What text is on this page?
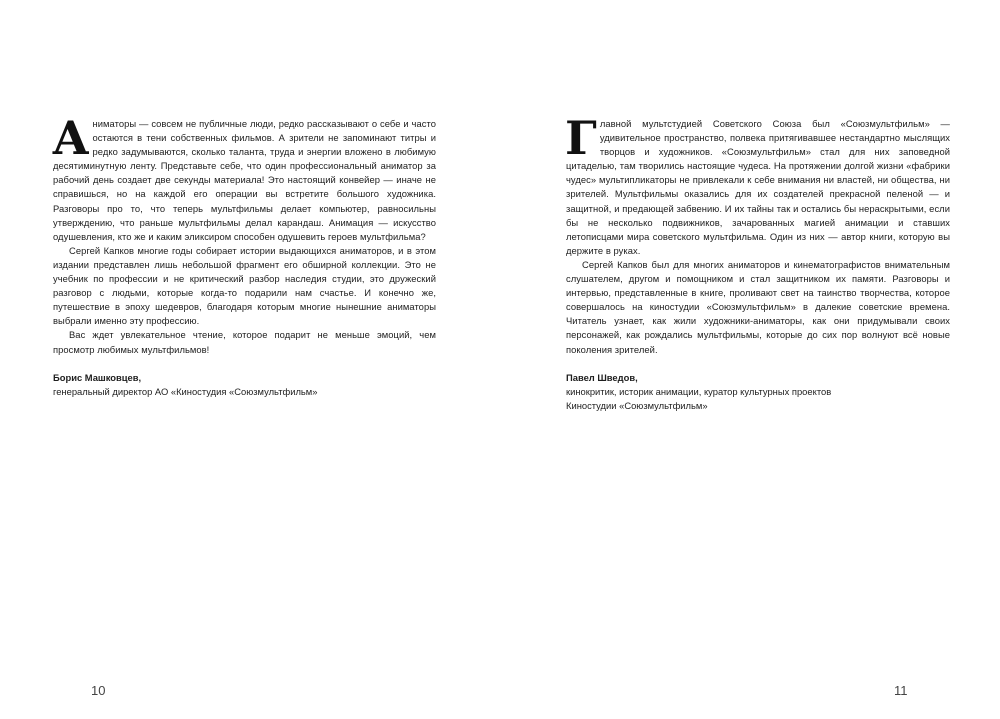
Аниматоры — совсем не публичные люди, редко рассказывают о себе и часто остаются в тени собственных фильмов. А зрители не запоминают титры и редко задумываются, сколько таланта, труда и энергии вложено в любимую десятиминутную ленту. Представьте себе, что один профессиональный аниматор за рабочий день создает две секунды материала! Это настоящий конвейер — иначе не справишься, но на каждой его операции вы встретите большого художника. Разговоры про то, что теперь мультфильмы делает компьютер, равносильны утверждению, что раньше мультфильмы делал карандаш. Анимация — искусство одушевления, кто же и каким эликсиром способен одушевить героев мультфильма?

Сергей Капков многие годы собирает истории выдающихся аниматоров, и в этом издании представлен лишь небольшой фрагмент его обширной коллекции. Это не учебник по профессии и не критический разбор наследия студии, это дружеский разговор с людьми, которые когда-то подарили нам счастье. И конечно же, путешествие в эпоху шедевров, благодаря которым многие нынешние аниматоры выбрали именно эту профессию.

Вас ждет увлекательное чтение, которое подарит не меньше эмоций, чем просмотр любимых мультфильмов!

Борис Машковцев,
генеральный директор АО «Киностудия «Союзмультфильм»
10

Главной мультстудией Советского Союза был «Союзмультфильм» — удивительное пространство, полвека притягивавшее нестандартно мыслящих творцов и художников. «Союзмультфильм» стал для них заповедной цитаделью, там творились настоящие чудеса. На протяжении долгой жизни «фабрики чудес» мультипликаторы не привлекали к себе внимания ни властей, ни общества, ни зрителей. Мультфильмы оказались для их создателей прекрасной пеленой — и защитной, и предающей забвению. И их тайны так и остались бы нераскрытыми, если бы не несколько подвижников, зачарованных магией анимации и ставших летописцами мира советского мультфильма. Один из них — автор книги, которую вы держите в руках.

Сергей Капков был для многих аниматоров и кинематографистов внимательным слушателем, другом и помощником и стал защитником их памяти. Разговоры и интервью, представленные в книге, проливают свет на таинство творчества, которое совершалось на киностудии «Союзмультфильм» в далекие советские времена. Читатель узнает, как жили художники-аниматоры, как они придумывали своих персонажей, как рождались мультфильмы, которые до сих пор волнуют всё новые поколения зрителей.

Павел Шведов,
кинокритик, историк анимации, куратор культурных проектов
Киностудии «Союзмультфильм»
11
